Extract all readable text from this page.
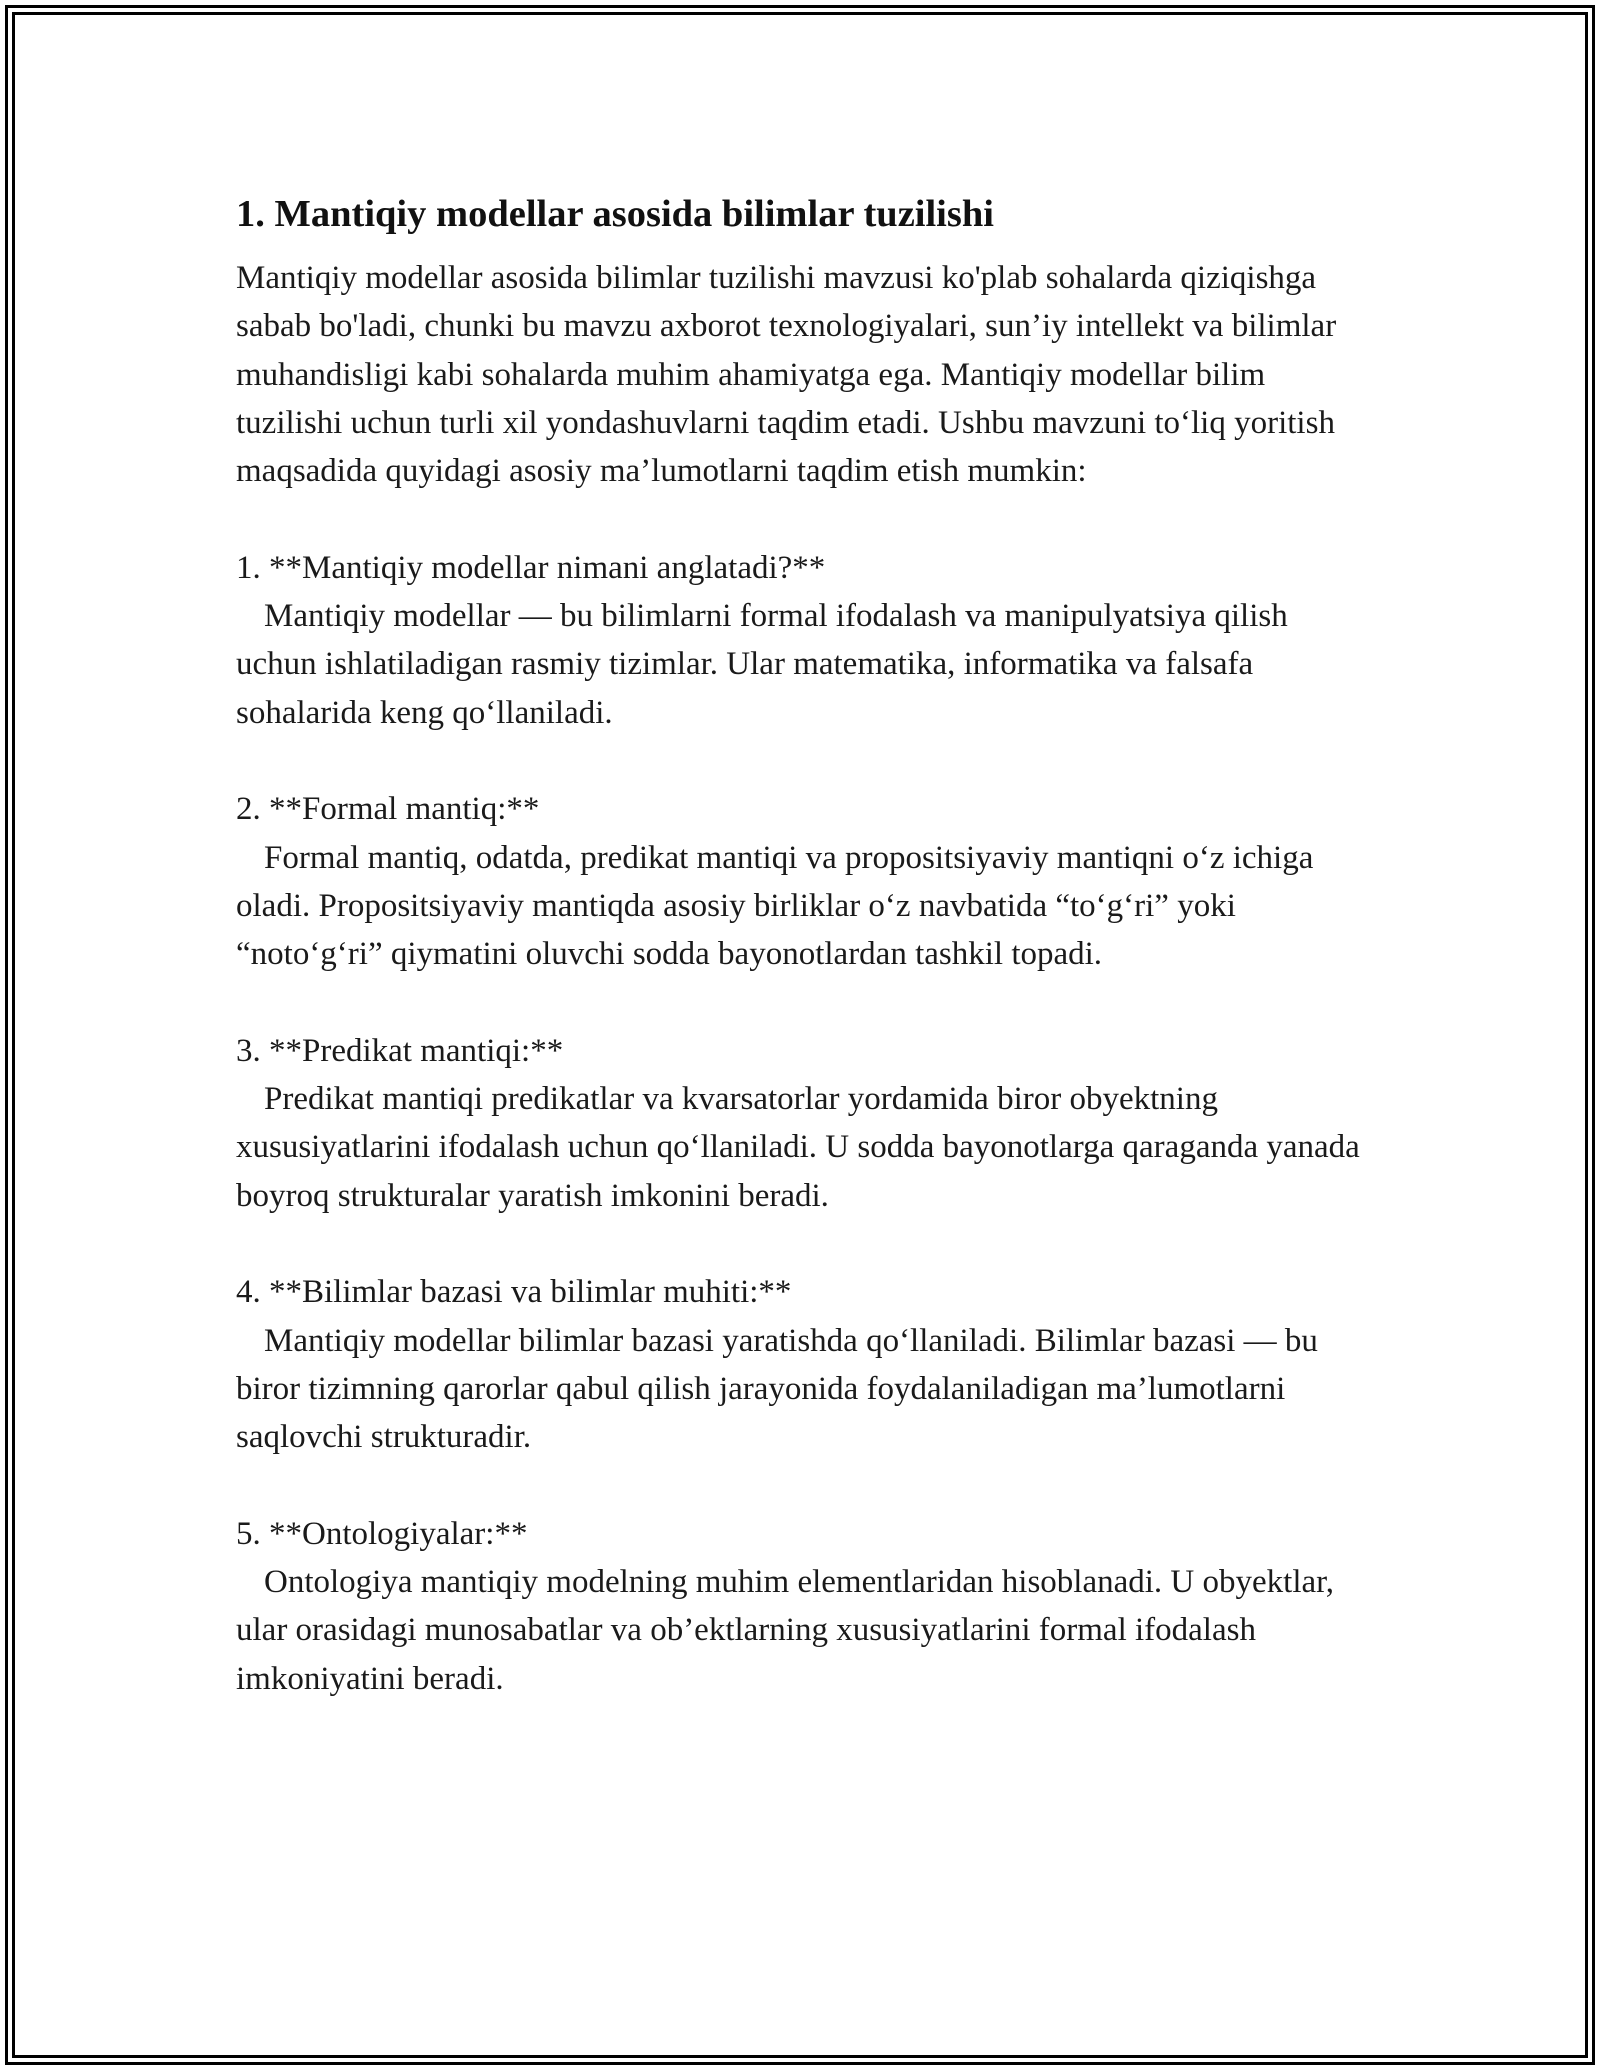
1. Mantiqiy modellar asosida bilimlar tuzilishi

Mantiqiy modellar asosida bilimlar tuzilishi mavzusi ko'plab sohalarda qiziqishga sabab bo'ladi, chunki bu mavzu axborot texnologiyalari, sun’iy intellekt va bilimlar muhandisligi kabi sohalarda muhim ahamiyatga ega. Mantiqiy modellar bilim tuzilishi uchun turli xil yondashuvlarni taqdim etadi. Ushbu mavzuni to‘liq yoritish maqsadida quyidagi asosiy ma’lumotlarni taqdim etish mumkin:

1. **Mantiqiy modellar nimani anglatadi?**

Mantiqiy modellar — bu bilimlarni formal ifodalash va manipulyatsiya qilish uchun ishlatiladigan rasmiy tizimlar. Ular matematika, informatika va falsafa sohalarida keng qo‘llaniladi.

2. **Formal mantiq:**

Formal mantiq, odatda, predikat mantiqi va propositsiyaviy mantiqni o‘z ichiga oladi. Propositsiyaviy mantiqda asosiy birliklar o‘z navbatida “to‘g‘ri” yoki “noto‘g‘ri” qiymatini oluvchi sodda bayonotlardan tashkil topadi.

3. **Predikat mantiqi:**

Predikat mantiqi predikatlar va kvarsatorlar yordamida biror obyektning xususiyatlarini ifodalash uchun qo‘llaniladi. U sodda bayonotlarga qaraganda yanada boyroq strukturalar yaratish imkonini beradi.

4. **Bilimlar bazasi va bilimlar muhiti:**

Mantiqiy modellar bilimlar bazasi yaratishda qo‘llaniladi. Bilimlar bazasi — bu biror tizimning qarorlar qabul qilish jarayonida foydalaniladigan ma’lumotlarni saqlovchi strukturadir.

5. **Ontologiyalar:**

Ontologiya mantiqiy modelning muhim elementlaridan hisoblanadi. U obyektlar, ular orasidagi munosabatlar va ob’ektlarning xususiyatlarini formal ifodalash imkoniyatini beradi.
